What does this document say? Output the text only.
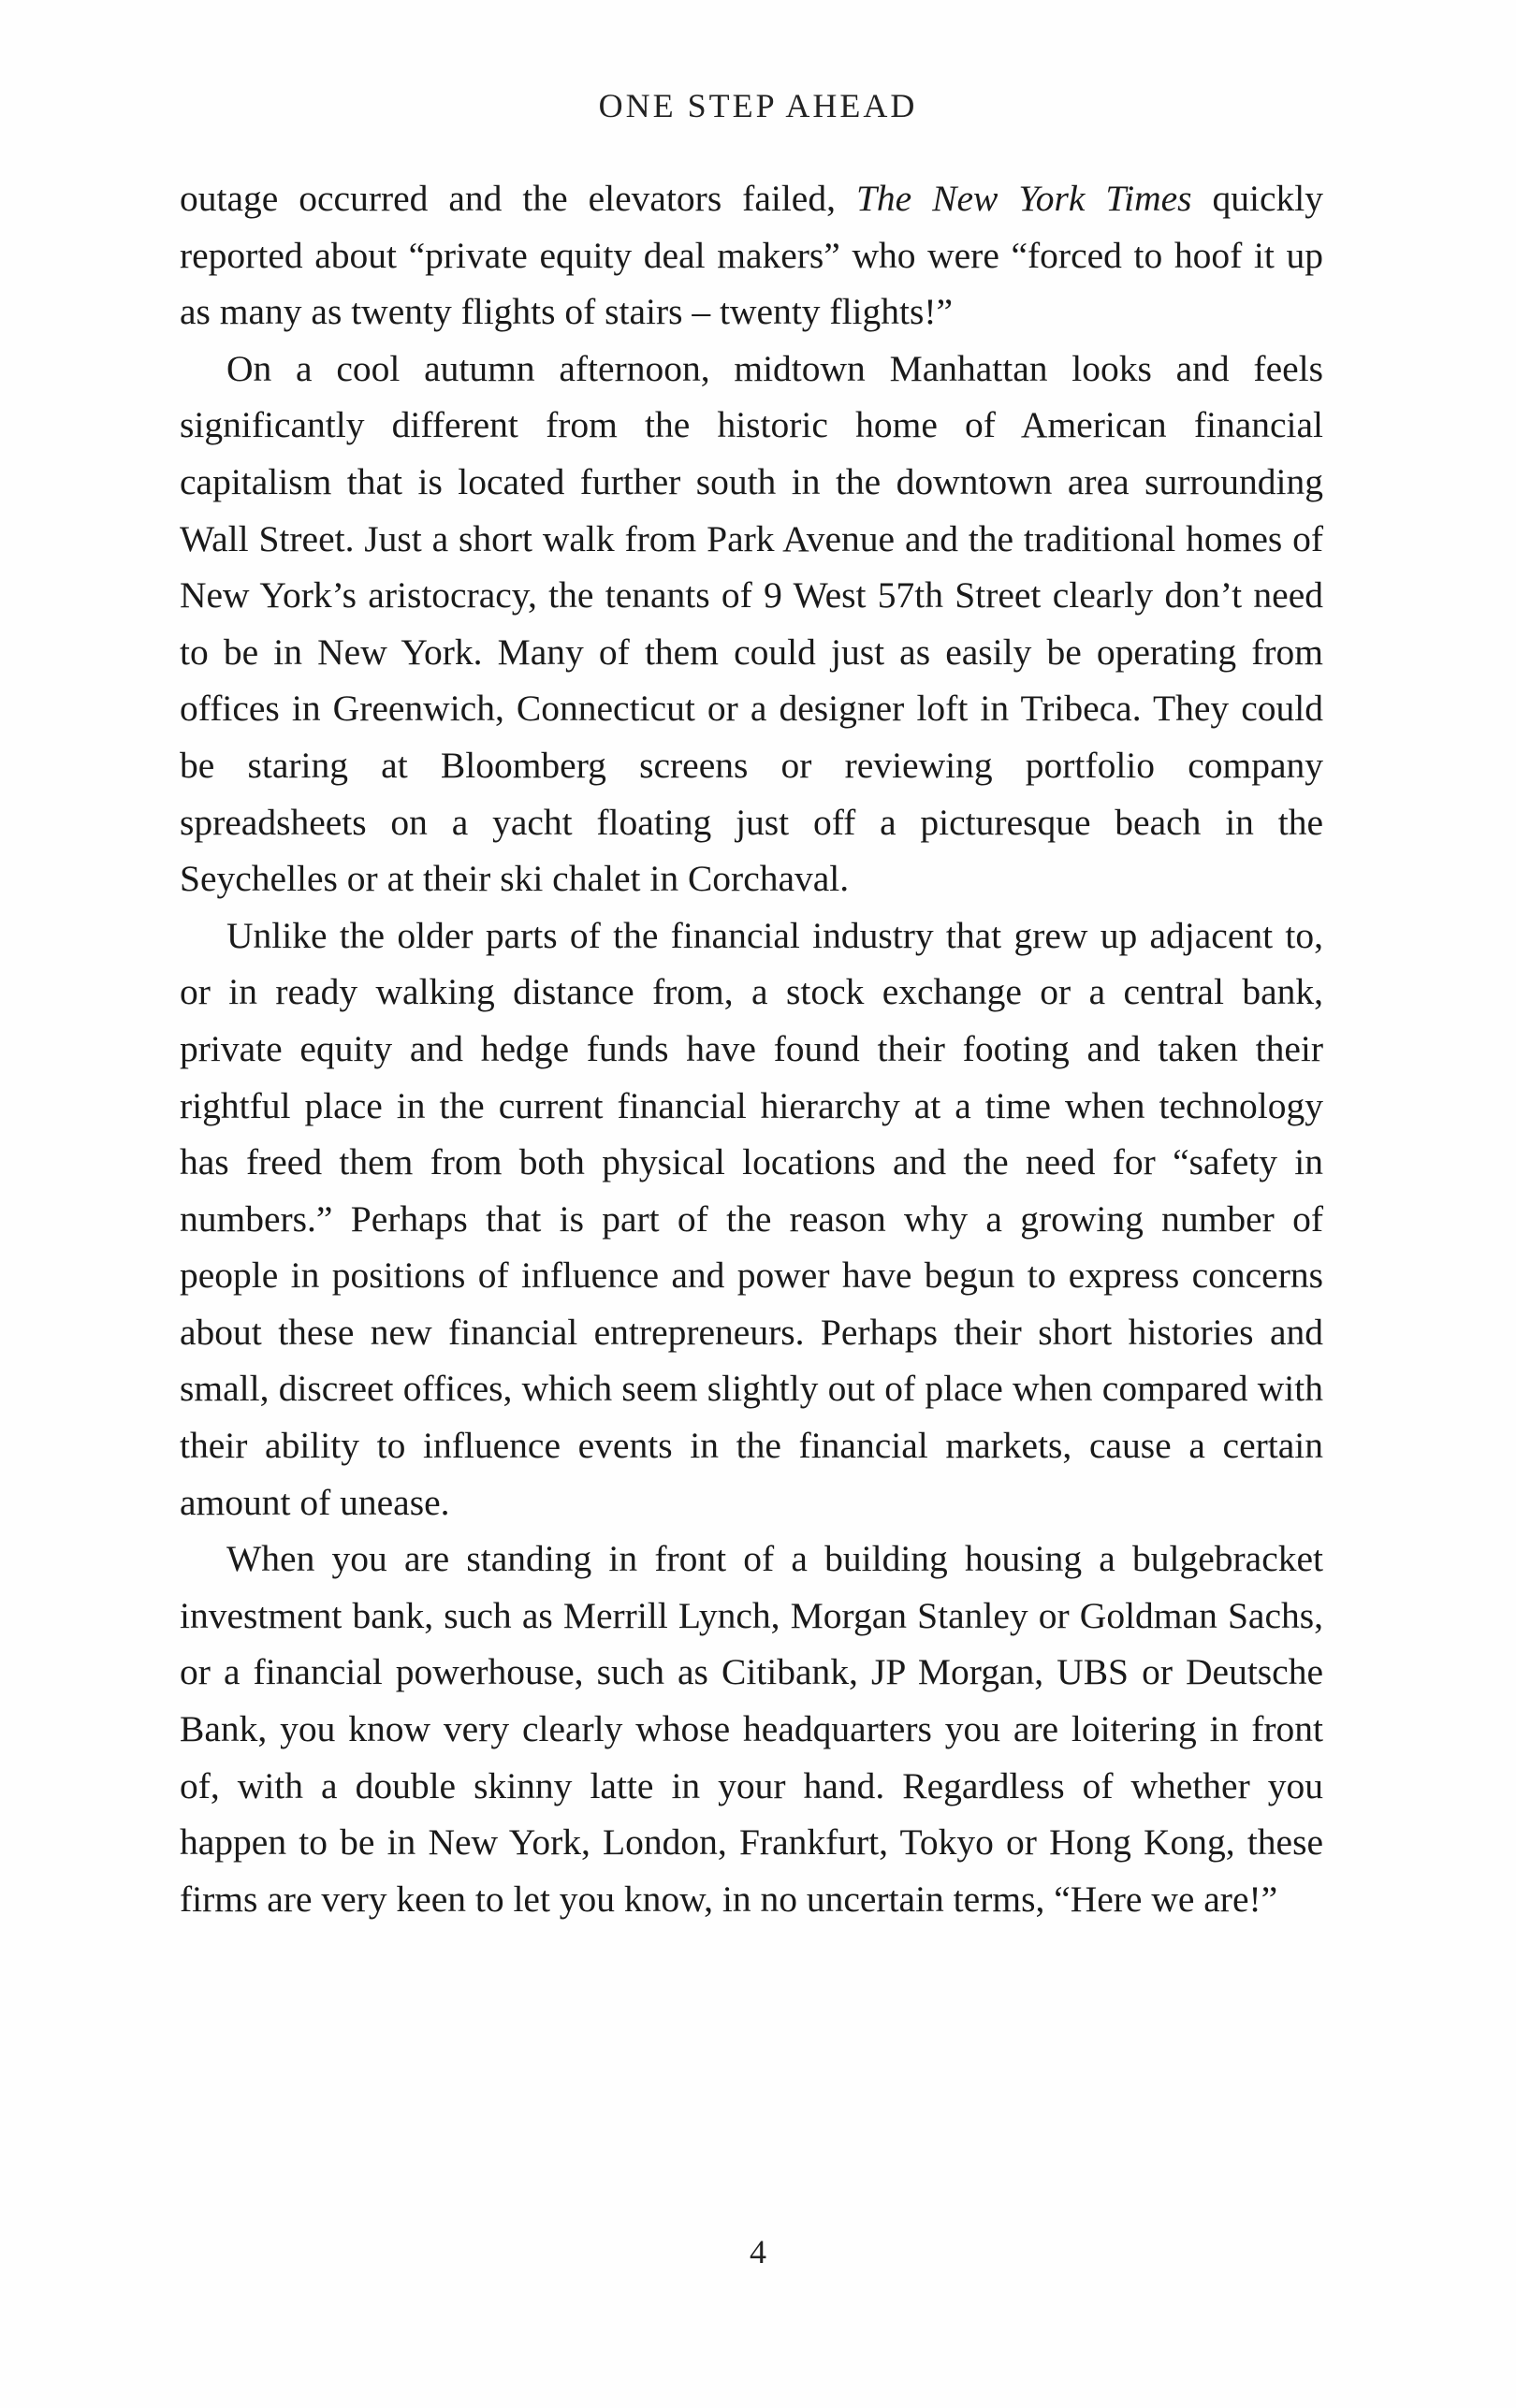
ONE STEP AHEAD

outage occurred and the elevators failed, The New York Times quickly reported about “private equity deal makers” who were “forced to hoof it up as many as twenty flights of stairs – twenty flights!”

On a cool autumn afternoon, midtown Manhattan looks and feels significantly different from the historic home of American financial capitalism that is located further south in the downtown area surrounding Wall Street. Just a short walk from Park Avenue and the traditional homes of New York’s aristocracy, the tenants of 9 West 57th Street clearly don’t need to be in New York. Many of them could just as easily be operating from offices in Greenwich, Connecticut or a designer loft in Tribeca. They could be staring at Bloomberg screens or reviewing portfolio company spreadsheets on a yacht floating just off a picturesque beach in the Seychelles or at their ski chalet in Corchaval.

Unlike the older parts of the financial industry that grew up adjacent to, or in ready walking distance from, a stock exchange or a central bank, private equity and hedge funds have found their footing and taken their rightful place in the current financial hierarchy at a time when technology has freed them from both physical locations and the need for “safety in numbers.” Perhaps that is part of the reason why a growing number of people in positions of influence and power have begun to express concerns about these new financial entrepreneurs. Perhaps their short histories and small, discreet offices, which seem slightly out of place when compared with their ability to influence events in the financial markets, cause a certain amount of unease.

When you are standing in front of a building housing a bulgebracket investment bank, such as Merrill Lynch, Morgan Stanley or Goldman Sachs, or a financial powerhouse, such as Citibank, JP Morgan, UBS or Deutsche Bank, you know very clearly whose headquarters you are loitering in front of, with a double skinny latte in your hand. Regardless of whether you happen to be in New York, London, Frankfurt, Tokyo or Hong Kong, these firms are very keen to let you know, in no uncertain terms, “Here we are!”

4
